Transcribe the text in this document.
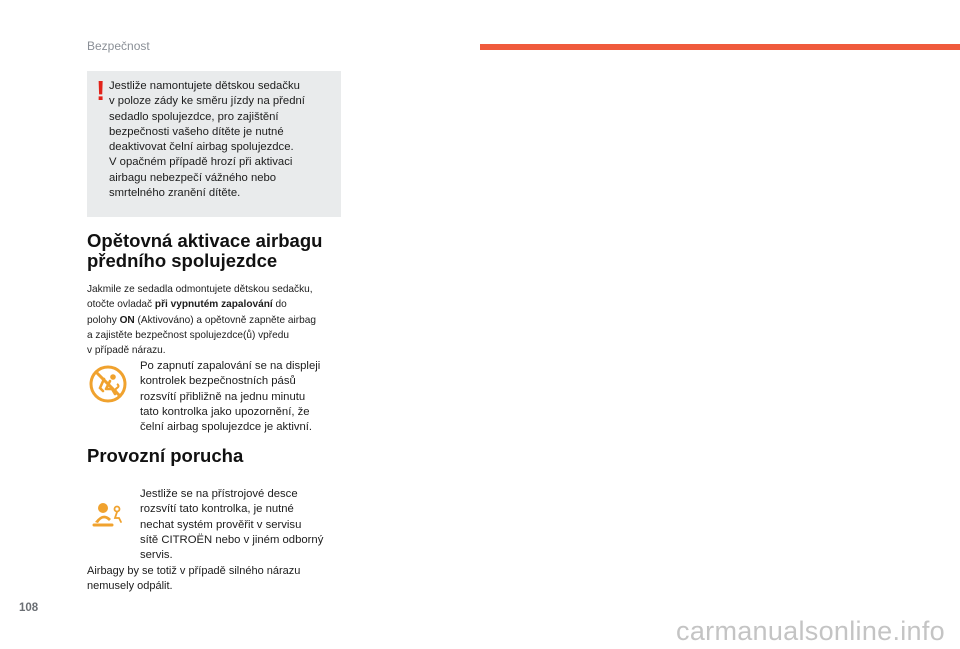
Bezpečnost
! Jestliže namontujete dětskou sedačku
v poloze zády ke směru jízdy na přední
sedadlo spolujezdce, pro zajištění
bezpečnosti vašeho dítěte je nutné
deaktivovat čelní airbag spolujezdce.
V opačném případě hrozí při aktivaci
airbagu nebezpečí vážného nebo
smrtelného zranění dítěte.
Opětovná aktivace airbagu
předního spolujezdce
Jakmile ze sedadla odmontujete dětskou sedačku,
otočte ovladač při vypnutém zapalování do
polohy ON (Aktivováno) a opětovně zapněte airbag
a zajistěte bezpečnost spolujezdce(ů) vpředu
v případě nárazu.
Po zapnutí zapalování se na displeji
kontrolek bezpečnostních pásů
rozsvítí přibližně na jednu minutu
tato kontrolka jako upozornění, že
čelní airbag spolujezdce je aktivní.
Provozní porucha
Jestliže se na přístrojové desce
rozsvítí tato kontrolka, je nutné
nechat systém prověřit v servisu
sítě CITROËN nebo v jiném odborný
servis.
Airbagy by se totiž v případě silného nárazu
nemusely odpálit.
108
carmanualsonline.info
